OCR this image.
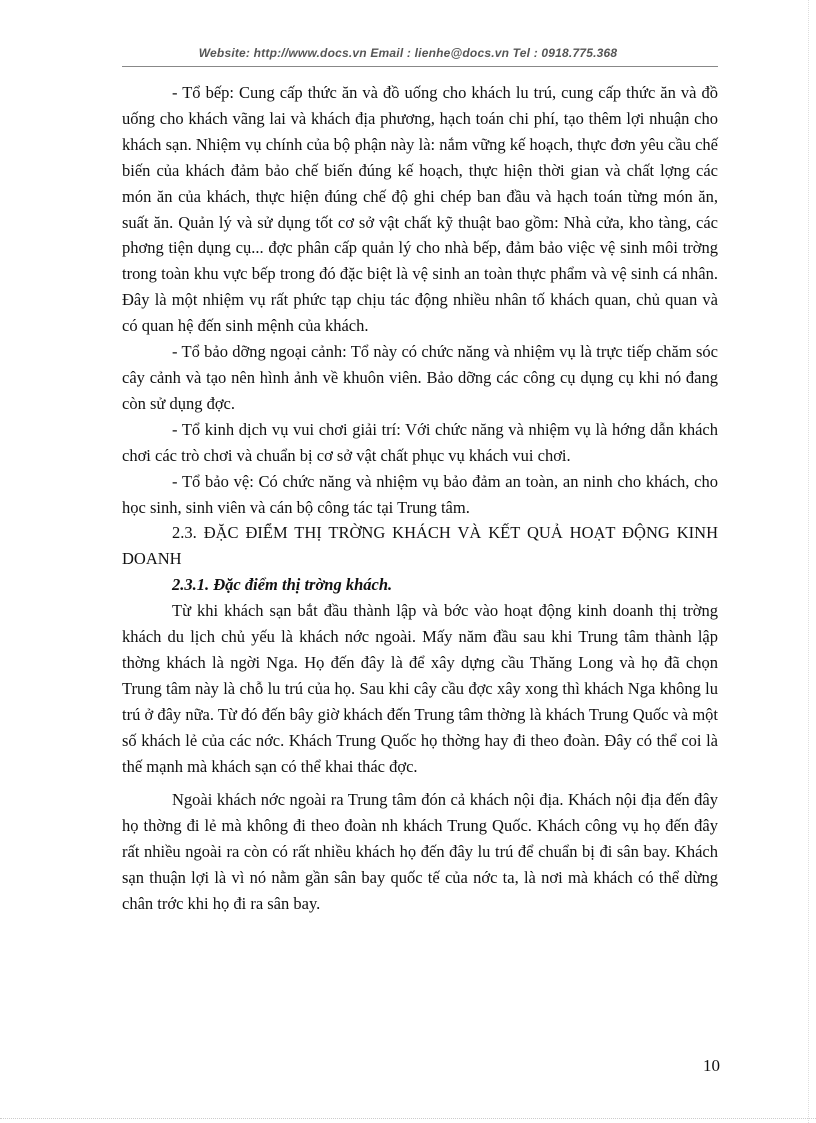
Website: http://www.docs.vn Email : lienhe@docs.vn Tel : 0918.775.368

- Tổ bếp: Cung cấp thức ăn và đồ uống cho khách lu trú, cung cấp thức ăn và đồ uống cho khách vãng lai và khách địa phương, hạch toán chi phí, tạo thêm lợi nhuận cho khách sạn. Nhiệm vụ chính của bộ phận này là: nắm vững kế hoạch, thực đơn yêu cầu chế biến của khách đảm bảo chế biến đúng kế hoạch, thực hiện thời gian và chất lợng các món ăn của khách, thực hiện đúng chế độ ghi chép ban đầu và hạch toán từng món ăn, suất ăn. Quản lý và sử dụng tốt cơ sở vật chất kỹ thuật bao gồm: Nhà cửa, kho tàng, các phơng tiện dụng cụ... đợc phân cấp quản lý cho nhà bếp, đảm bảo việc vệ sinh môi trờng trong toàn khu vực bếp trong đó đặc biệt là vệ sinh an toàn thực phẩm và vệ sinh cá nhân. Đây là một nhiệm vụ rất phức tạp chịu tác động nhiều nhân tố khách quan, chủ quan và có quan hệ đến sinh mệnh của khách.

- Tổ bảo dỡng ngoại cảnh: Tổ này có chức năng và nhiệm vụ là trực tiếp chăm sóc cây cảnh và tạo nên hình ảnh về khuôn viên. Bảo dỡng các công cụ dụng cụ khi nó đang còn sử dụng đợc.

- Tổ kinh dịch vụ vui chơi giải trí: Với chức năng và nhiệm vụ là hớng dẫn khách chơi các trò chơi và chuẩn bị cơ sở vật chất phục vụ khách vui chơi.

- Tổ bảo vệ: Có chức năng và nhiệm vụ bảo đảm an toàn, an ninh cho khách, cho học sinh, sinh viên và cán bộ công tác tại Trung tâm.

2.3. ĐẶC ĐIỂM THỊ TRỜNG KHÁCH VÀ KẾT QUẢ HOẠT ĐỘNG KINH DOANH

2.3.1. Đặc điểm thị trờng khách.

Từ khi khách sạn bắt đầu thành lập và bớc vào hoạt động kinh doanh thị trờng khách du lịch chủ yếu là khách nớc ngoài. Mấy năm đầu sau khi Trung tâm thành lập thờng khách là ngời Nga. Họ đến đây là để xây dựng cầu Thăng Long và họ đã chọn Trung tâm này là chỗ lu trú của họ. Sau khi cây cầu đợc xây xong thì khách Nga không lu trú ở đây nữa. Từ đó đến bây giờ khách đến Trung tâm thờng là khách Trung Quốc và một số khách lẻ của các nớc. Khách Trung Quốc họ thờng hay đi theo đoàn. Đây có thể coi là thế mạnh mà khách sạn có thể khai thác đợc.

Ngoài khách nớc ngoài ra Trung tâm đón cả khách nội địa. Khách nội địa đến đây họ thờng đi lẻ mà không đi theo đoàn nh khách Trung Quốc. Khách công vụ họ đến đây rất nhiều ngoài ra còn có rất nhiều khách họ đến đây lu trú để chuẩn bị đi sân bay. Khách sạn thuận lợi là vì nó nằm gần sân bay quốc tế của nớc ta, là nơi mà khách có thể dừng chân trớc khi họ đi ra sân bay.

10
